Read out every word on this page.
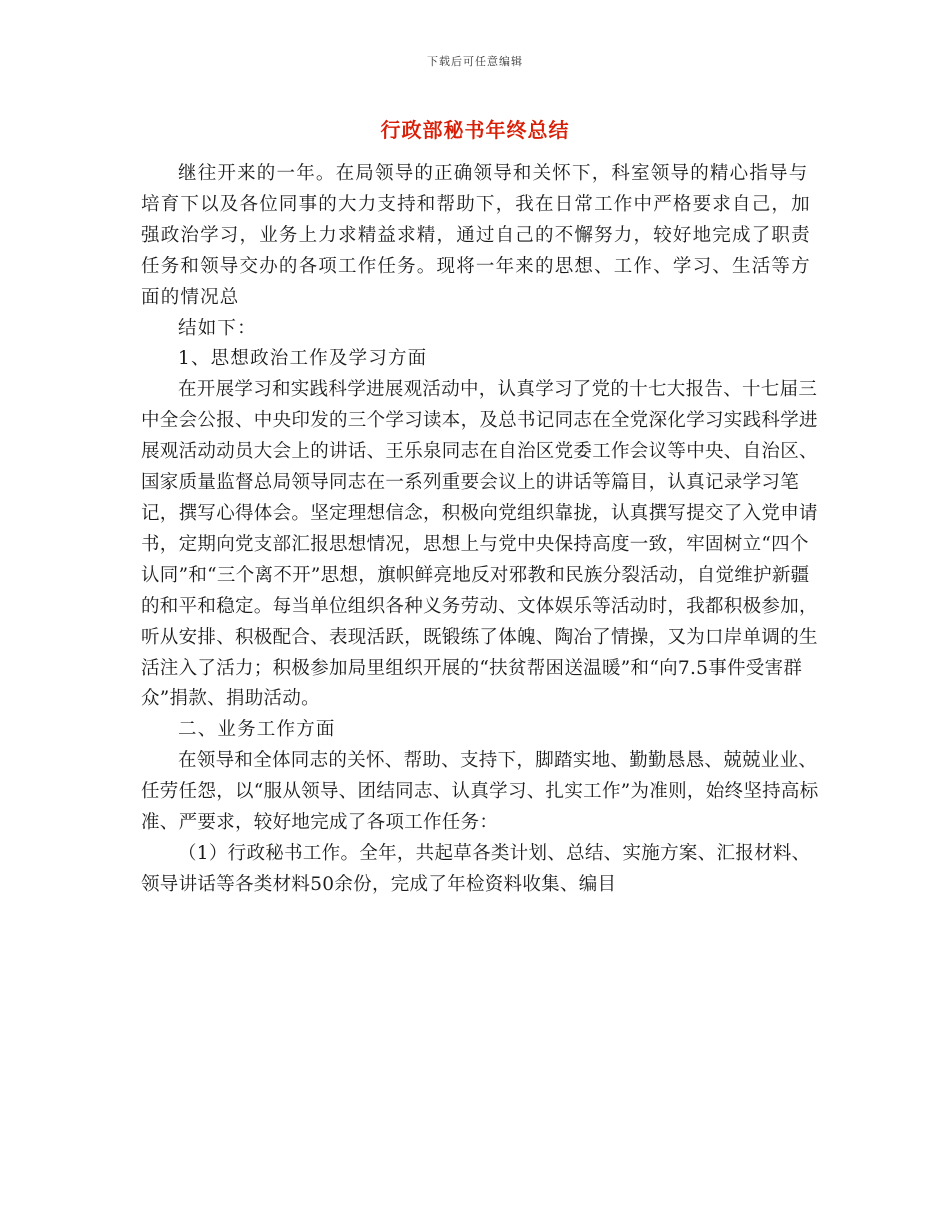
下载后可任意编辑
行政部秘书年终总结

继往开来的一年。在局领导的正确领导和关怀下，科室领导的精心指导与培育下以及各位同事的大力支持和帮助下，我在日常工作中严格要求自己，加强政治学习，业务上力求精益求精，通过自己的不懈努力，较好地完成了职责任务和领导交办的各项工作任务。现将一年来的思想、工作、学习、生活等方面的情况总

结如下：

1、思想政治工作及学习方面

在开展学习和实践科学进展观活动中，认真学习了党的十七大报告、十七届三中全会公报、中央印发的三个学习读本，及总书记同志在全党深化学习实践科学进展观活动动员大会上的讲话、王乐泉同志在自治区党委工作会议等中央、自治区、国家质量监督总局领导同志在一系列重要会议上的讲话等篇目，认真记录学习笔记，撰写心得体会。坚定理想信念，积极向党组织靠拢，认真撰写提交了入党申请书，定期向党支部汇报思想情况，思想上与党中央保持高度一致，牢固树立“四个认同”和“三个离不开”思想，旗帜鲜亮地反对邪教和民族分裂活动，自觉维护新疆的和平和稳定。每当单位组织各种义务劳动、文体娱乐等活动时，我都积极参加，听从安排、积极配合、表现活跃，既锻练了体魄、陶冶了情操，又为口岸单调的生活注入了活力；积极参加局里组织开展的“扶贫帮困送温暖”和“向7.5事件受害群众”捐款、捐助活动。

二、业务工作方面

在领导和全体同志的关怀、帮助、支持下，脚踏实地、勤勤恳恳、兢兢业业、任劳任怨，以“服从领导、团结同志、认真学习、扎实工作”为准则，始终坚持高标准、严要求，较好地完成了各项工作任务：

（1）行政秘书工作。全年，共起草各类计划、总结、实施方案、汇报材料、领导讲话等各类材料50余份，完成了年检资料收集、编目
